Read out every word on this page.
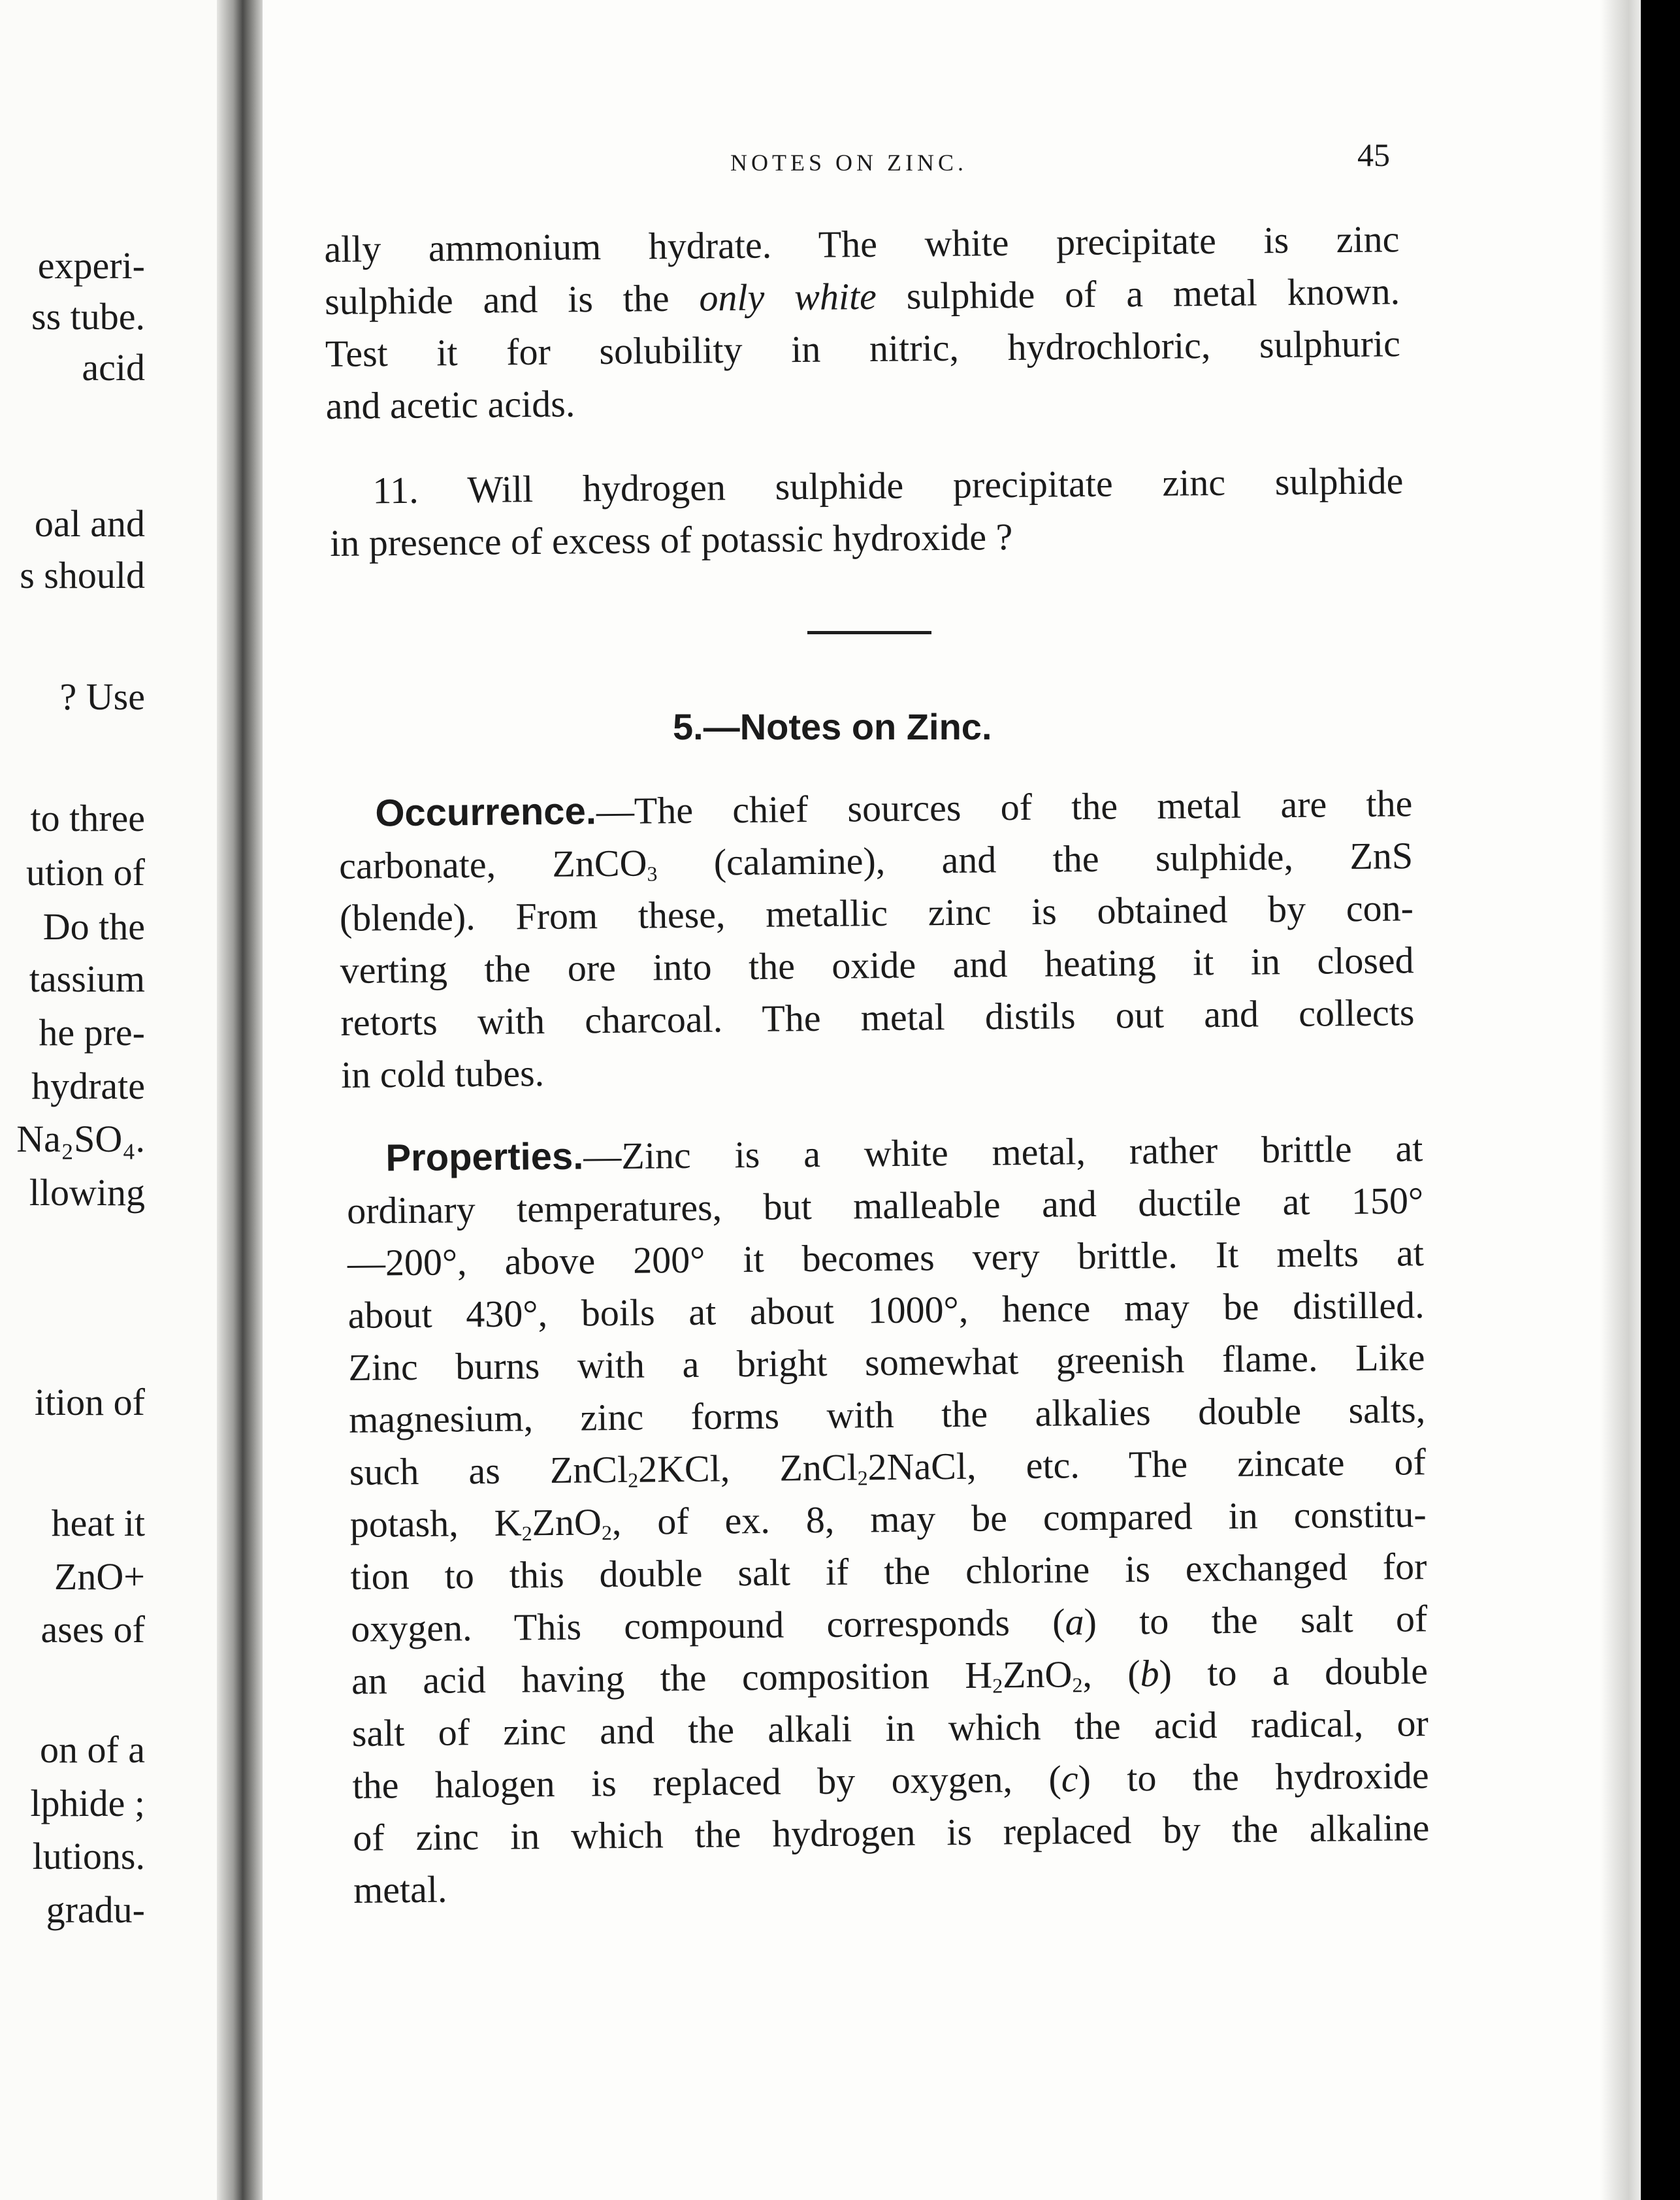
experi-
ss tube.
acid
oal and
s should
? Use
to three
ution of
Do the
tassium
he pre-
hydrate
Na₂SO₄.
llowing
ition of
heat it
ZnO+
ases of
on of a
lphide ;
lutions.
gradu-
NOTES ON ZINC.	45
ally ammonium hydrate. The white precipitate is zinc
sulphide and is the only white sulphide of a metal known.
Test it for solubility in nitric, hydrochloric, sulphuric
and acetic acids.
11. Will hydrogen sulphide precipitate zinc sulphide
in presence of excess of potassic hydroxide ?
5.—Notes on Zinc.
Occurrence.—The chief sources of the metal are the
carbonate, ZnCO$_3$ (calamine), and the sulphide, ZnS
(blende). From these, metallic zinc is obtained by con-
verting the ore into the oxide and heating it in closed
retorts with charcoal. The metal distils out and collects
in cold tubes.
Properties.—Zinc is a white metal, rather brittle at
ordinary temperatures, but malleable and ductile at 150°
—200°, above 200° it becomes very brittle. It melts at
about 430°, boils at about 1000°, hence may be distilled.
Zinc burns with a bright somewhat greenish flame. Like
magnesium, zinc forms with the alkalies double salts,
such as ZnCl$_2$2KCl, ZnCl$_2$2NaCl, etc. The zincate of
potash, $K_2ZnO_2$, of ex. 8, may be compared in constitu-
tion to this double salt if the chlorine is exchanged for
oxygen. This compound corresponds (a) to the salt of
an acid having the composition $H_2ZnO_2$, (b) to a double
salt of zinc and the alkali in which the acid radical, or
the halogen is replaced by oxygen, (c) to the hydroxide
of zinc in which the hydrogen is replaced by the alkaline
metal.
